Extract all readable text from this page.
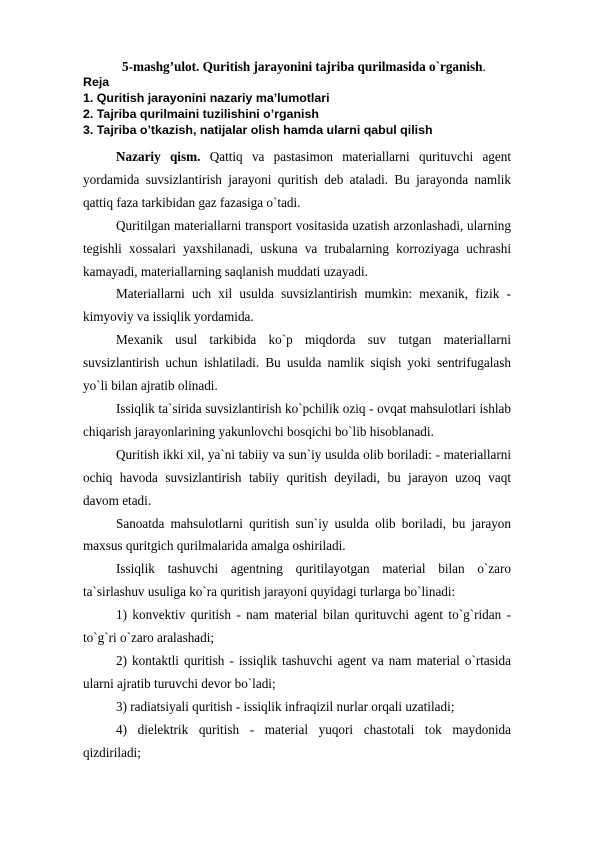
5-mashg’ulot. Quritish jarayonini tajriba qurilmasida o`rganish.
Reja
1. Quritish jarayonini nazariy ma’lumotlari
2. Tajriba qurilmaini tuzilishini o’rganish
3. Tajriba o’tkazish, natijalar olish hamda ularni qabul qilish

Nazariy qism. Qattiq va pastasimon materiallarni qurituvchi agent yordamida suvsizlantirish jarayoni quritish deb ataladi. Bu jarayonda namlik qattiq faza tarkibidan gaz fazasiga o`tadi.

Quritilgan materiallarni transport vositasida uzatish arzonlashadi, ularning tegishli xossalari yaxshilanadi, uskuna va trubalarning korroziyaga uchrashi kamayadi, materiallarning saqlanish muddati uzayadi.

Materiallarni uch xil usulda suvsizlantirish mumkin: mexanik, fizik - kimyoviy va issiqlik yordamida.

Mexanik usul tarkibida ko`p miqdorda suv tutgan materiallarni suvsizlantirish uchun ishlatiladi. Bu usulda namlik siqish yoki sentrifugalash yo`li bilan ajratib olinadi.

Issiqlik ta`sirida suvsizlantirish ko`pchilik oziq - ovqat mahsulotlari ishlab chiqarish jarayonlarining yakunlovchi bosqichi bo`lib hisoblanadi.

Quritish ikki xil, ya`ni tabiiy va sun`iy usulda olib boriladi: - materiallarni ochiq havoda suvsizlantirish tabiiy quritish deyiladi, bu jarayon uzoq vaqt davom etadi.

Sanoatda mahsulotlarni quritish sun`iy usulda olib boriladi, bu jarayon maxsus quritgich qurilmalarida amalga oshiriladi.

Issiqlik tashuvchi agentning quritilayotgan material bilan o`zaro ta`sirlashuv usuliga ko`ra quritish jarayoni quyidagi turlarga bo`linadi:

1) konvektiv quritish - nam material bilan qurituvchi agent to`g`ridan - to`g`ri o`zaro aralashadi;

2) kontaktli quritish - issiqlik tashuvchi agent va nam material o`rtasida ularni ajratib turuvchi devor bo`ladi;

3) radiatsiyali quritish - issiqlik infraqizil nurlar orqali uzatiladi;

4) dielektrik quritish - material yuqori chastotali tok maydonida qizdiriladi;
